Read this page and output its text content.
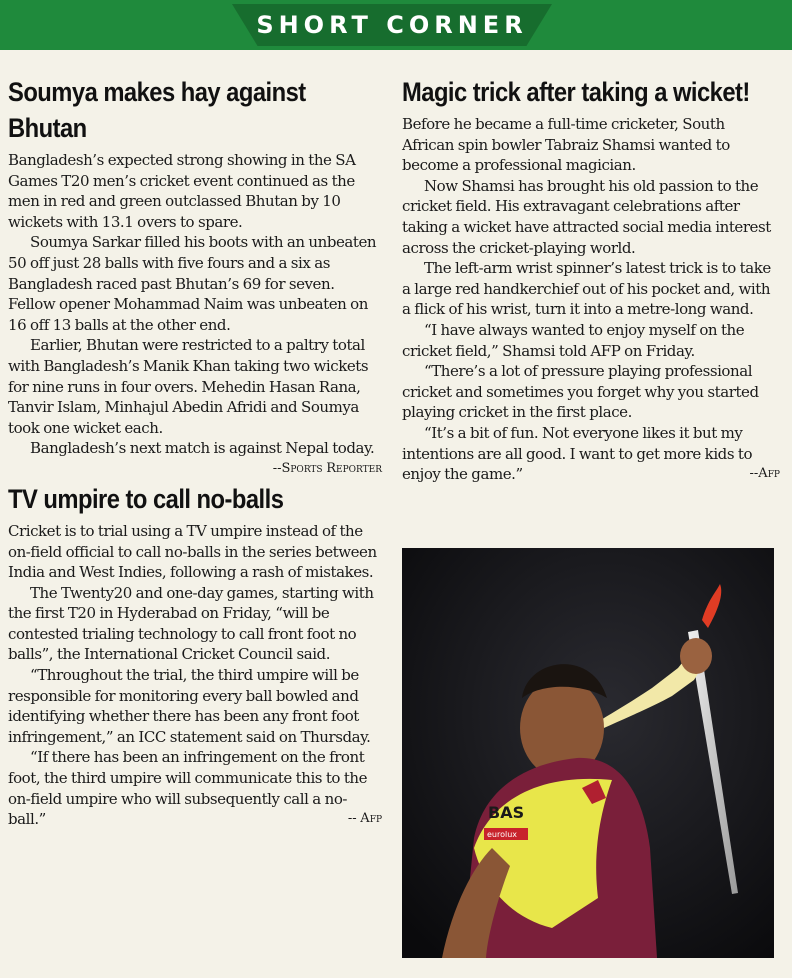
SHORT CORNER
Soumya makes hay against Bhutan

Bangladesh’s expected strong showing in the SA Games T20 men’s cricket event continued as the men in red and green outclassed Bhutan by 10 wickets with 13.1 overs to spare.

Soumya Sarkar filled his boots with an unbeaten 50 off just 28 balls with five fours and a six as Bangladesh raced past Bhutan’s 69 for seven. Fellow opener Mohammad Naim was unbeaten on 16 off 13 balls at the other end.

Earlier, Bhutan were restricted to a paltry total with Bangladesh’s Manik Khan taking two wickets for nine runs in four overs. Mehedin Hasan Rana, Tanvir Islam, Minhajul Abedin Afridi and Soumya took one wicket each.

Bangladesh’s next match is against Nepal today.
--Sports Reporter

TV umpire to call no-balls

Cricket is to trial using a TV umpire instead of the on-field official to call no-balls in the series between India and West Indies, following a rash of mistakes.

The Twenty20 and one-day games, starting with the first T20 in Hyderabad on Friday, “will be contested trialing technology to call front foot no balls”, the International Cricket Council said.

“Throughout the trial, the third umpire will be responsible for monitoring every ball bowled and identifying whether there has been any front foot infringement,” an ICC statement said on Thursday.

“If there has been an infringement on the front foot, the third umpire will communicate this to the on-field umpire who will subsequently call a no-ball.”	-- Afp

Magic trick after taking a wicket!

Before he became a full-time cricketer, South African spin bowler Tabraiz Shamsi wanted to become a professional magician.

Now Shamsi has brought his old passion to the cricket field. His extravagant celebrations after taking a wicket have attracted social media interest across the cricket-playing world.

The left-arm wrist spinner’s latest trick is to take a large red handkerchief out of his pocket and, with a flick of his wrist, turn it into a metre-long wand.

“I have always wanted to enjoy myself on the cricket field,” Shamsi told AFP on Friday.

“There’s a lot of pressure playing professional cricket and sometimes you forget why you started playing cricket in the first place.

“It’s a bit of fun. Not everyone likes it but my intentions are all good. I want to get more kids to enjoy the game.”	--Afp

BAS
eurolux
